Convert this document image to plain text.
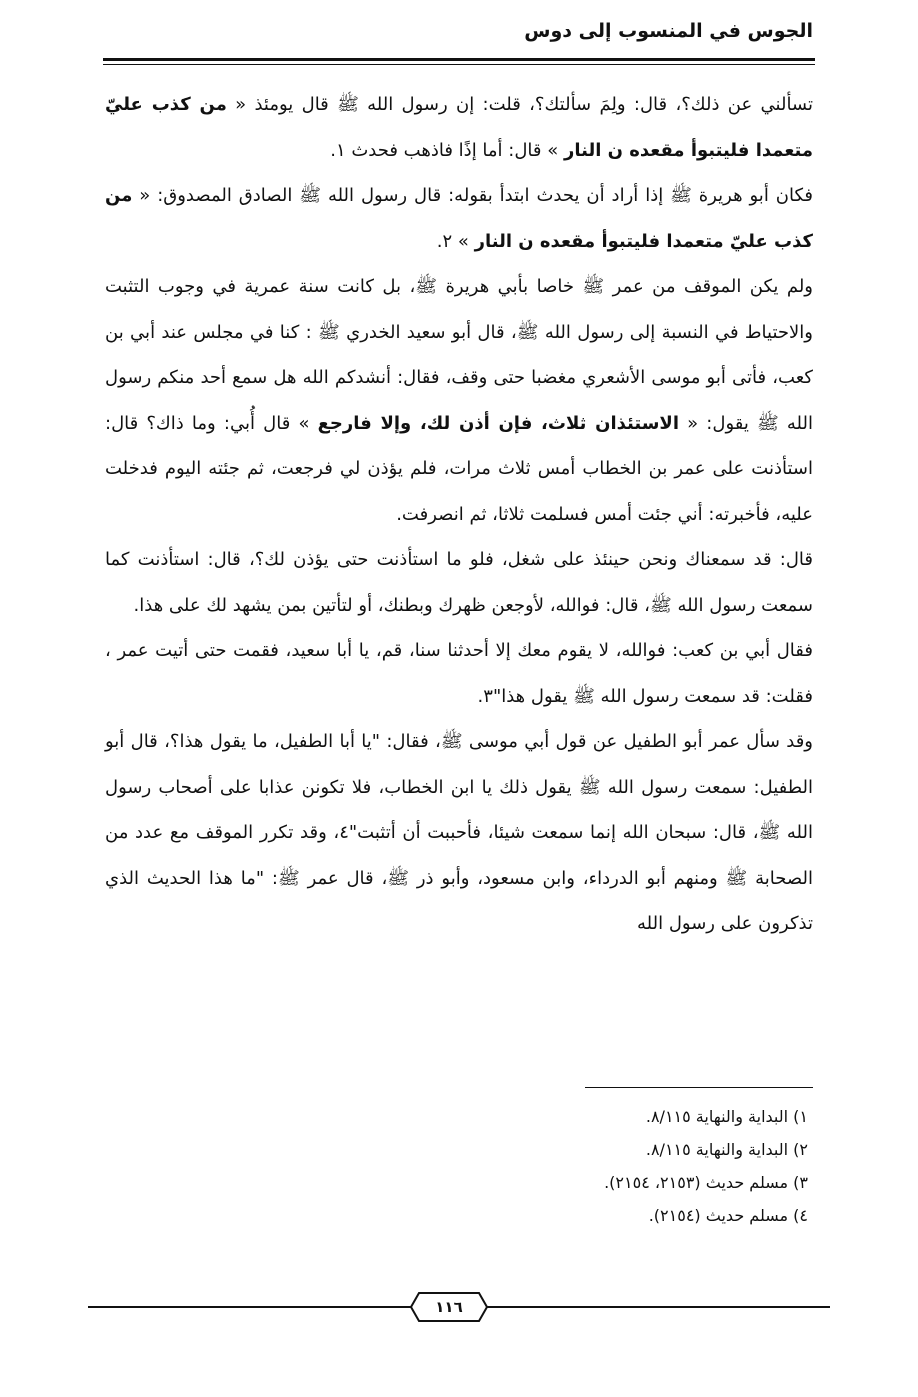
الجوس في المنسوب إلى دوس

تسألني عن ذلك؟، قال: ولِمَ سألتك؟، قلت: إن رسول الله ﷺ قال يومئذ « من كذب عليّ متعمدا فليتبوأ مقعده ن النار » قال: أما إذًا فاذهب فحدث ١.

فكان أبو هريرة ﷺ إذا أراد أن يحدث ابتدأ بقوله: قال رسول الله ﷺ الصادق المصدوق: « من كذب عليّ متعمدا فليتبوأ مقعده ن النار » ٢.

ولم يكن الموقف من عمر ﷺ خاصا بأبي هريرة ﷺ، بل كانت سنة عمرية في وجوب التثبت والاحتياط في النسبة إلى رسول الله ﷺ، قال أبو سعيد الخدري ﷺ : كنا في مجلس عند أبي بن كعب، فأتى أبو موسى الأشعري مغضبا حتى وقف، فقال: أنشدكم الله هل سمع أحد منكم رسول الله ﷺ يقول: « الاستئذان ثلاث، فإن أذن لك، وإلا فارجع » قال أُبي: وما ذاك؟ قال: استأذنت على عمر بن الخطاب أمس ثلاث مرات، فلم يؤذن لي فرجعت، ثم جئته اليوم فدخلت عليه، فأخبرته: أني جئت أمس فسلمت ثلاثا، ثم انصرفت.

قال: قد سمعناك ونحن حينئذ على شغل، فلو ما استأذنت حتى يؤذن لك؟، قال: استأذنت كما سمعت رسول الله ﷺ، قال: فوالله، لأوجعن ظهرك وبطنك، أو لتأتين بمن يشهد لك على هذا.

فقال أبي بن كعب: فوالله، لا يقوم معك إلا أحدثنا سنا، قم، يا أبا سعيد، فقمت حتى أتيت عمر ، فقلت: قد سمعت رسول الله ﷺ يقول هذا"٣.

وقد سأل عمر أبو الطفيل عن قول أبي موسى ﷺ، فقال: "يا أبا الطفيل، ما يقول هذا؟، قال أبو الطفيل: سمعت رسول الله ﷺ يقول ذلك يا ابن الخطاب، فلا تكونن عذابا على أصحاب رسول الله ﷺ، قال: سبحان الله إنما سمعت شيئا، فأحببت أن أتثبت"٤، وقد تكرر الموقف مع عدد من الصحابة ﷺ ومنهم أبو الدرداء، وابن مسعود، وأبو ذر ﷺ، قال عمر ﷺ: "ما هذا الحديث الذي تذكرون على رسول الله

١) البداية والنهاية ٨/١١٥.

٢) البداية والنهاية ٨/١١٥.

٣) مسلم حديث (٢١٥٣، ٢١٥٤).

٤) مسلم حديث (٢١٥٤).

١١٦
